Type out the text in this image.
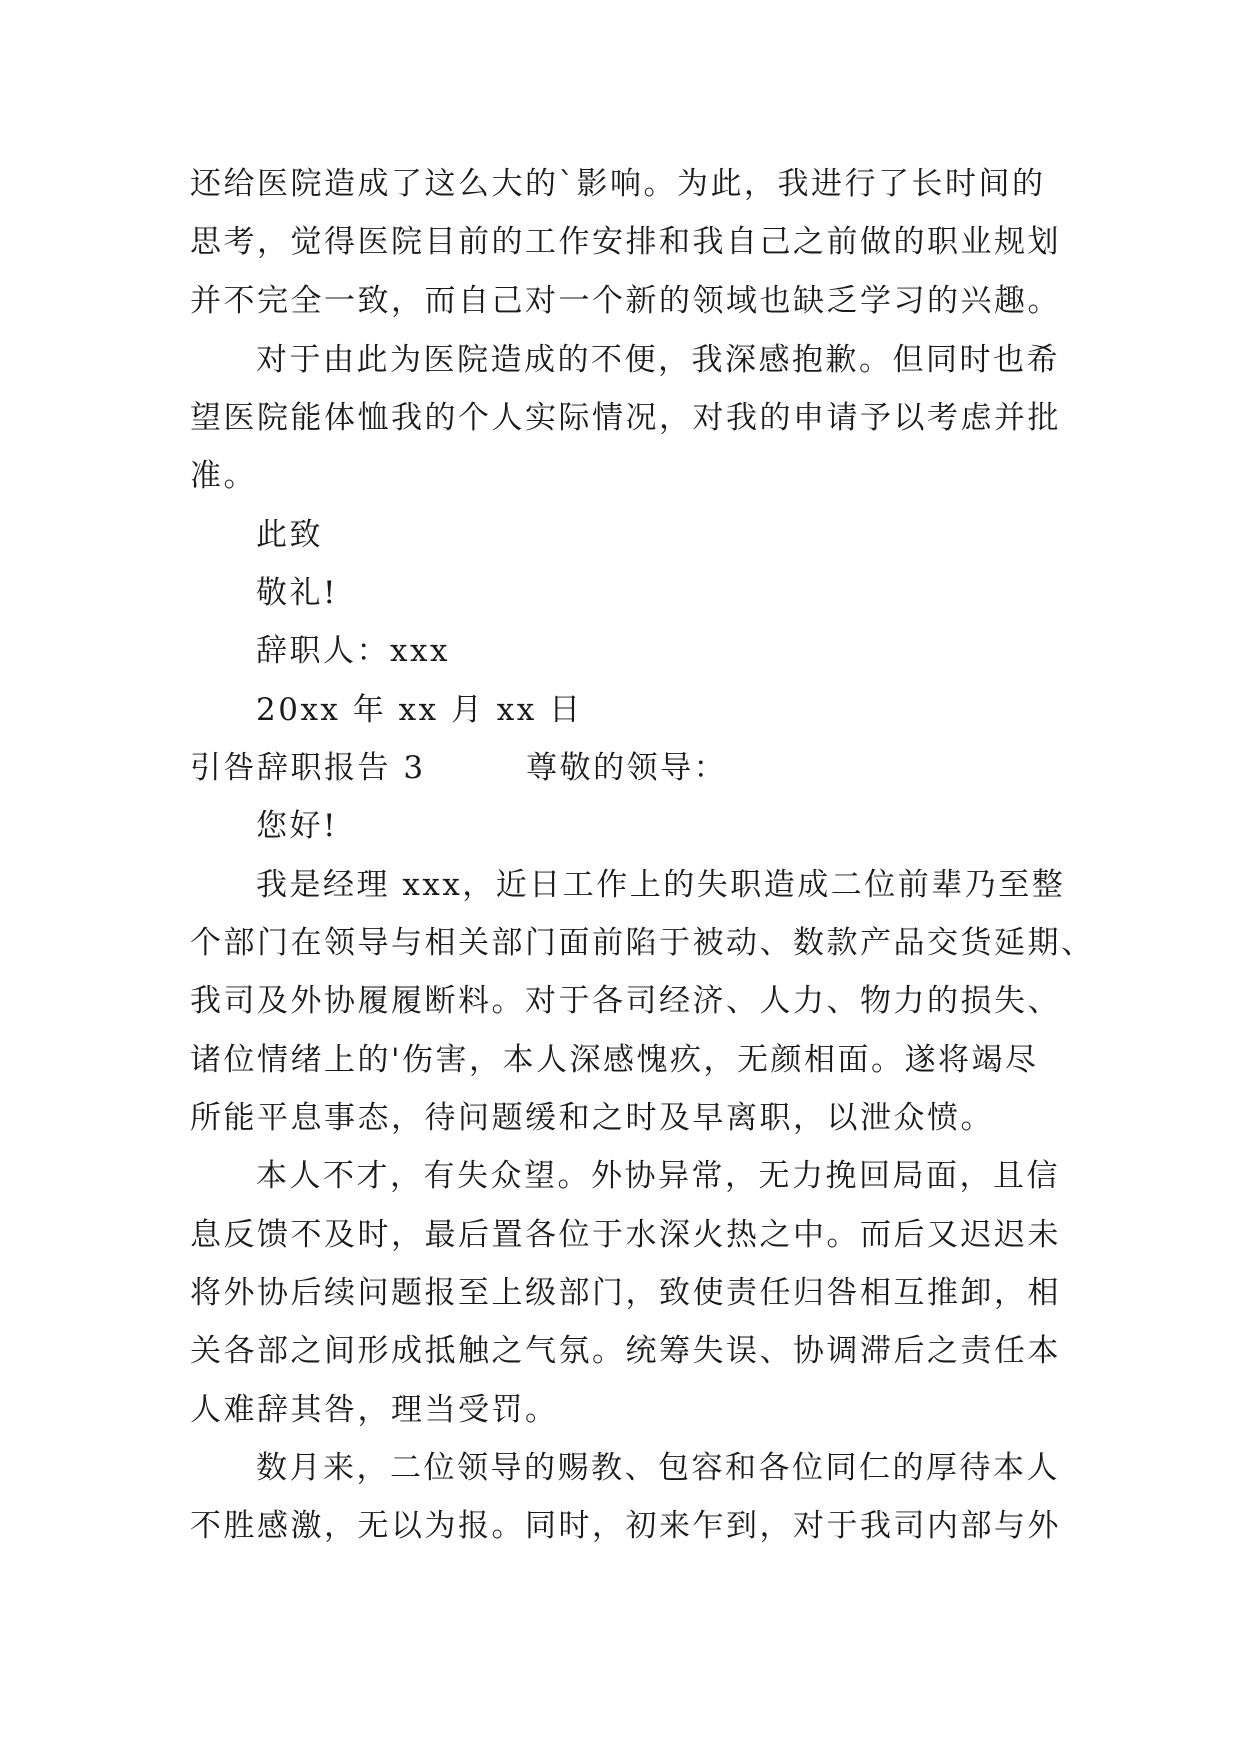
还给医院造成了这么大的`影响。为此，我进行了长时间的
思考，觉得医院目前的工作安排和我自己之前做的职业规划
并不完全一致，而自己对一个新的领域也缺乏学习的兴趣。
对于由此为医院造成的不便，我深感抱歉。但同时也希
望医院能体恤我的个人实际情况，对我的申请予以考虑并批
准。
此致
敬礼!
辞职人：xxx
20xx 年 xx 月 xx 日
引咎辞职报告 3　　　尊敬的领导：
您好!
我是经理 xxx，近日工作上的失职造成二位前辈乃至整
个部门在领导与相关部门面前陷于被动、数款产品交货延期、
我司及外协履履断料。对于各司经济、人力、物力的损失、
诸位情绪上的'伤害，本人深感愧疚，无颜相面。遂将竭尽
所能平息事态，待问题缓和之时及早离职，以泄众愤。
本人不才，有失众望。外协异常，无力挽回局面，且信
息反馈不及时，最后置各位于水深火热之中。而后又迟迟未
将外协后续问题报至上级部门，致使责任归咎相互推卸，相
关各部之间形成抵触之气氛。统筹失误、协调滞后之责任本
人难辞其咎，理当受罚。
数月来，二位领导的赐教、包容和各位同仁的厚待本人
不胜感激，无以为报。同时，初来乍到，对于我司内部与外
